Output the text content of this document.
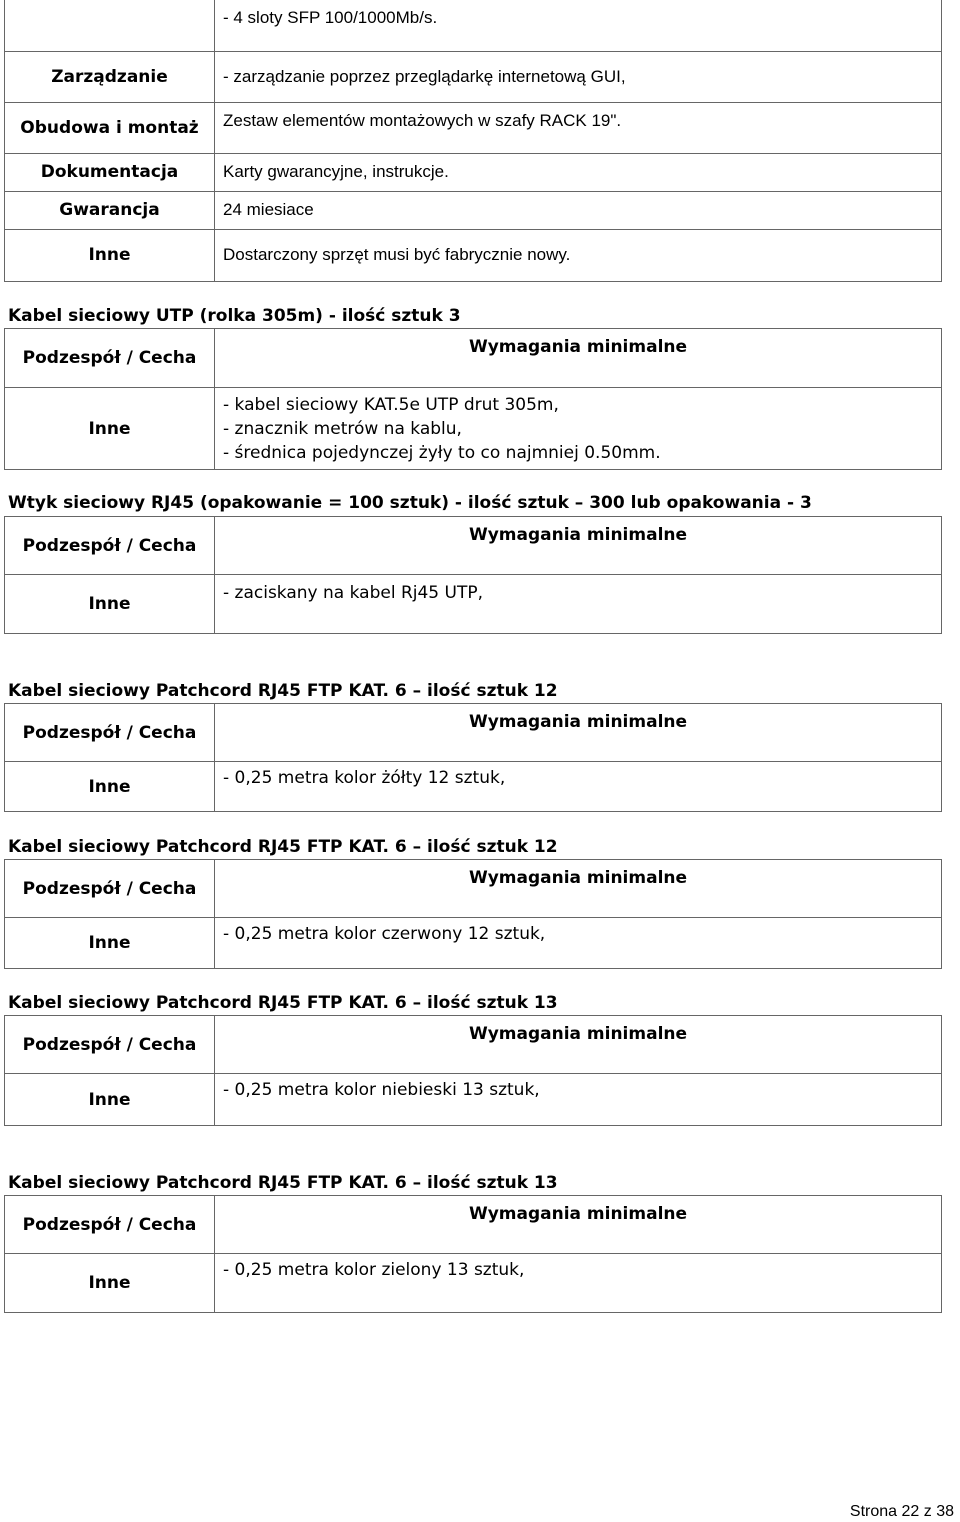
	- 4 sloty SFP 100/1000Mb/s.
Zarządzanie	- zarządzanie poprzez przeglądarkę internetową GUI,
Obudowa i montaż	Zestaw elementów montażowych w szafy RACK 19".
Dokumentacja	Karty gwarancyjne, instrukcje.
Gwarancja	24 miesiace
Inne	Dostarczony sprzęt musi być fabrycznie nowy.
Kabel sieciowy UTP (rolka 305m) - ilość sztuk 3
Podzespół / Cecha	Wymagania minimalne
Inne	- kabel sieciowy KAT.5e UTP drut 305m,
- znacznik metrów na kablu,
- średnica pojedynczej żyły to co najmniej 0.50mm.
Wtyk sieciowy RJ45 (opakowanie = 100 sztuk) - ilość sztuk – 300 lub opakowania - 3
Podzespół / Cecha	Wymagania minimalne
Inne	- zaciskany na kabel Rj45 UTP,
Kabel sieciowy Patchcord RJ45 FTP KAT. 6 – ilość sztuk 12
Podzespół / Cecha	Wymagania minimalne
Inne	- 0,25 metra kolor żółty 12 sztuk,
Kabel sieciowy Patchcord RJ45 FTP KAT. 6 – ilość sztuk 12
Podzespół / Cecha	Wymagania minimalne
Inne	- 0,25 metra kolor czerwony 12 sztuk,
Kabel sieciowy Patchcord RJ45 FTP KAT. 6 – ilość sztuk 13
Podzespół / Cecha	Wymagania minimalne
Inne	- 0,25 metra kolor niebieski 13 sztuk,
Kabel sieciowy Patchcord RJ45 FTP KAT. 6 – ilość sztuk 13
Podzespół / Cecha	Wymagania minimalne
Inne	- 0,25 metra kolor zielony 13 sztuk,
Strona 22 z 38
